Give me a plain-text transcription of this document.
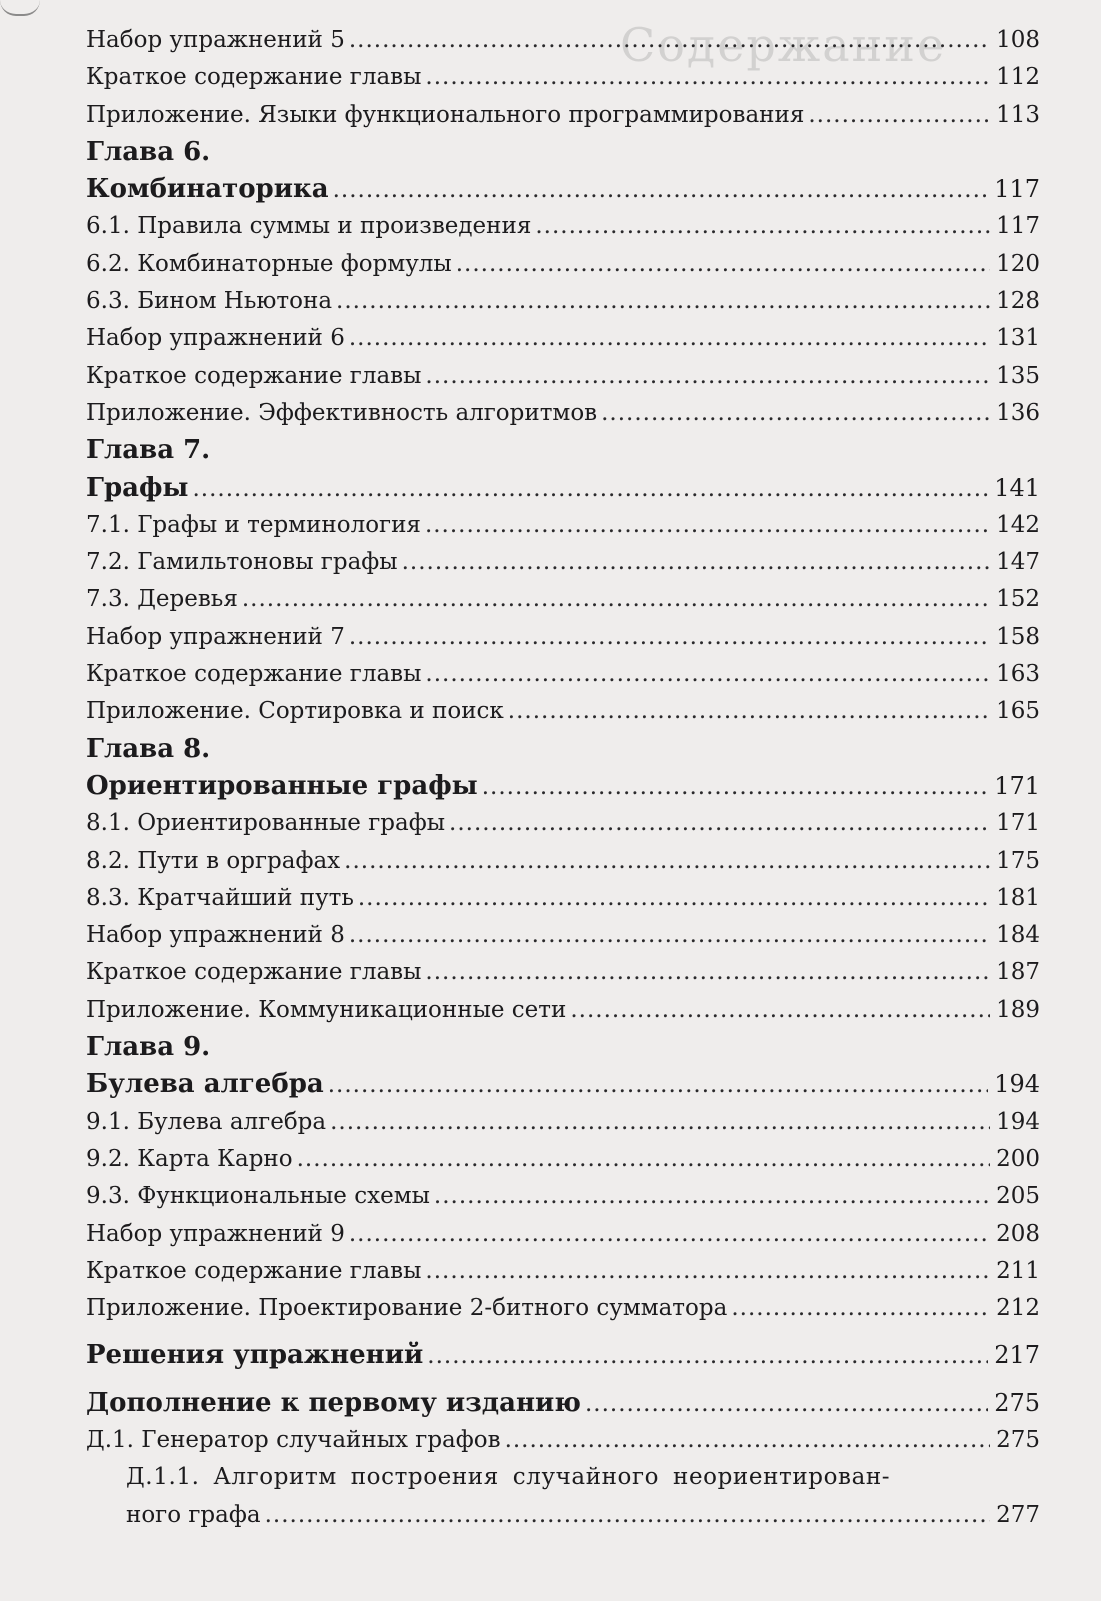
Содержание
Набор упражнений 5 .....	108
Краткое содержание главы .....	112
Приложение. Языки функционального программирования .....	113
Глава 6.
Комбинаторика .....	117
6.1. Правила суммы и произведения .....	117
6.2. Комбинаторные формулы .....	120
6.3. Бином Ньютона .....	128
Набор упражнений 6 .....	131
Краткое содержание главы .....	135
Приложение. Эффективность алгоритмов .....	136
Глава 7.
Графы .....	141
7.1. Графы и терминология .....	142
7.2. Гамильтоновы графы .....	147
7.3. Деревья .....	152
Набор упражнений 7 .....	158
Краткое содержание главы .....	163
Приложение. Сортировка и поиск .....	165
Глава 8.
Ориентированные графы .....	171
8.1. Ориентированные графы .....	171
8.2. Пути в орграфах .....	175
8.3. Кратчайший путь .....	181
Набор упражнений 8 .....	184
Краткое содержание главы .....	187
Приложение. Коммуникационные сети .....	189
Глава 9.
Булева алгебра .....	194
9.1. Булева алгебра .....	194
9.2. Карта Карно .....	200
9.3. Функциональные схемы .....	205
Набор упражнений 9 .....	208
Краткое содержание главы .....	211
Приложение. Проектирование 2-битного сумматора .....	212
Решения упражнений .....	217
Дополнение к первому изданию .....	275
Д.1. Генератор случайных графов .....	275
Д.1.1. Алгоритм построения случайного неориентирован-
ного графа .....	277
